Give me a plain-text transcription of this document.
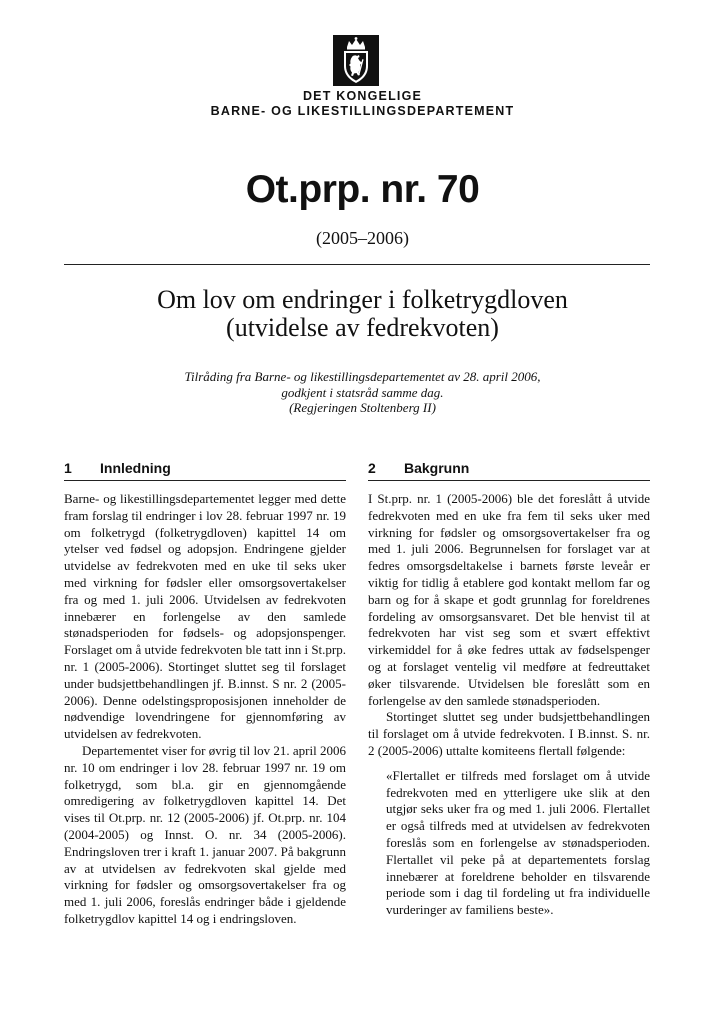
DET KONGELIGE
BARNE- OG LIKESTILLINGSDEPARTEMENT
Ot.prp. nr. 70
(2005–2006)
Om lov om endringer i folketrygdloven
(utvidelse av fedrekvoten)
Tilråding fra Barne- og likestillingsdepartementet av 28. april 2006,
godkjent i statsråd samme dag.
(Regjeringen Stoltenberg II)
1 Innledning

Barne- og likestillingsdepartementet legger med dette fram forslag til endringer i lov 28. februar 1997 nr. 19 om folketrygd (folketrygdloven) kapittel 14 om ytelser ved fødsel og adopsjon. Endringene gjelder utvidelse av fedrekvoten med en uke til seks uker med virkning for fødsler eller omsorgsovertakelser fra og med 1. juli 2006. Utvidelsen av fedrekvoten innebærer en forlengelse av den samlede stønadsperioden for fødsels- og adopsjonspenger. Forslaget om å utvide fedrekvoten ble tatt inn i St.prp. nr. 1 (2005-2006). Stortinget sluttet seg til forslaget under budsjettbehandlingen jf. B.innst. S nr. 2 (2005-2006). Denne odelstingsproposisjonen inneholder de nødvendige lovendringene for gjennomføring av utvidelsen av fedrekvoten.

Departementet viser for øvrig til lov 21. april 2006 nr. 10 om endringer i lov 28. februar 1997 nr. 19 om folketrygd, som bl.a. gir en gjennomgående omredigering av folketrygdloven kapittel 14. Det vises til Ot.prp. nr. 12 (2005-2006) jf. Ot.prp. nr. 104 (2004-2005) og Innst. O. nr. 34 (2005-2006). Endringsloven trer i kraft 1. januar 2007. På bakgrunn av at utvidelsen av fedrekvoten skal gjelde med virkning for fødsler og omsorgsovertakelser fra og med 1. juli 2006, foreslås endringer både i gjeldende folketrygdlov kapittel 14 og i endringsloven.

2 Bakgrunn

I St.prp. nr. 1 (2005-2006) ble det foreslått å utvide fedrekvoten med en uke fra fem til seks uker med virkning for fødsler og omsorgsovertakelser fra og med 1. juli 2006. Begrunnelsen for forslaget var at fedres omsorgsdeltakelse i barnets første leveår er viktig for tidlig å etablere god kontakt mellom far og barn og for å skape et godt grunnlag for foreldrenes fordeling av omsorgsansvaret. Det ble henvist til at fedrekvoten har vist seg som et svært effektivt virkemiddel for å øke fedres uttak av fødselspenger og at forslaget ventelig vil medføre at fedreuttaket øker tilsvarende. Utvidelsen ble foreslått som en forlengelse av den samlede stønadsperioden.

Stortinget sluttet seg under budsjettbehandlingen til forslaget om å utvide fedrekvoten. I B.innst. S. nr. 2 (2005-2006) uttalte komiteens flertall følgende:

«Flertallet er tilfreds med forslaget om å utvide fedrekvoten med en ytterligere uke slik at den utgjør seks uker fra og med 1. juli 2006. Flertallet er også tilfreds med at utvidelsen av fedrekvoten foreslås som en forlengelse av stønadsperioden. Flertallet vil peke på at departementets forslag innebærer at foreldrene beholder en tilsvarende periode som i dag til fordeling ut fra individuelle vurderinger av familiens beste».
